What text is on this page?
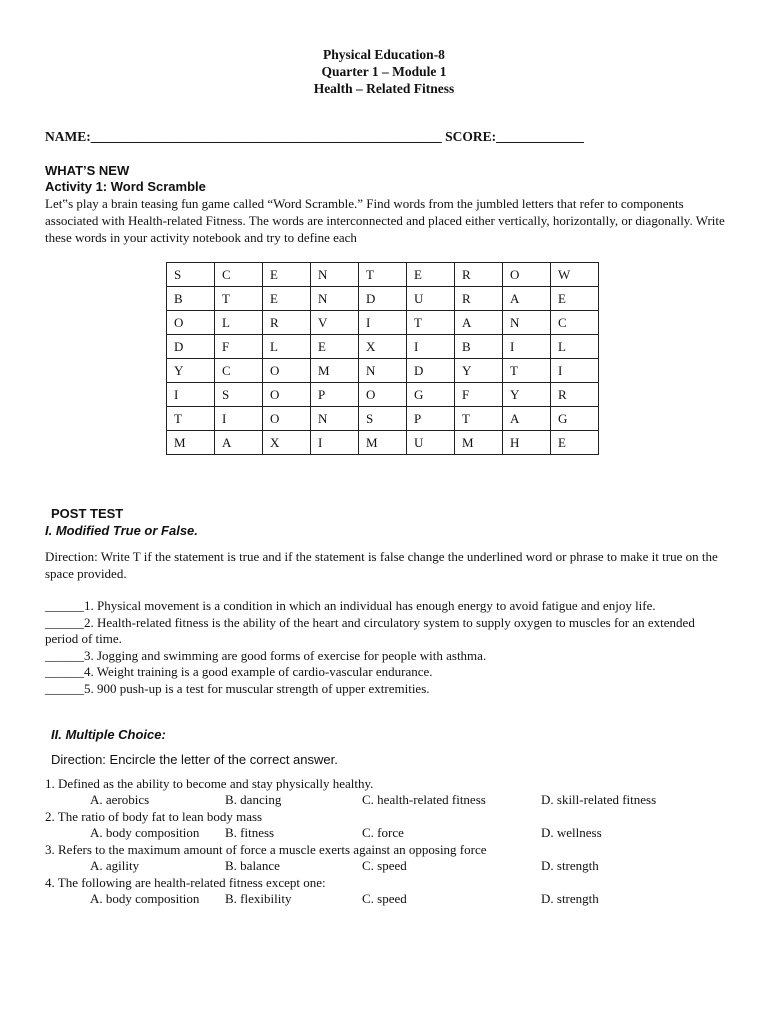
Physical Education-8
Quarter 1 – Module 1
Health – Related Fitness
NAME:____________________________________________________ SCORE:_____________
WHAT’S NEW
Activity 1: Word Scramble
Let‟s play a brain teasing fun game called “Word Scramble.” Find words from the jumbled letters that refer to components associated with Health-related Fitness. The words are interconnected and placed either vertically, horizontally, or diagonally. Write these words in your activity notebook and try to define each
S	C	E	N	T	E	R	O	W
B	T	E	N	D	U	R	A	E
O	L	R	V	I	T	A	N	C
D	F	L	E	X	I	B	I	L
Y	C	O	M	N	D	Y	T	I
I	S	O	P	O	G	F	Y	R
T	I	O	N	S	P	T	A	G
M	A	X	I	M	U	M	H	E
POST TEST
I. Modified True or False.
Direction: Write T if the statement is true and if the statement is false change the underlined word or phrase to make it true on the space provided.
______1. Physical movement is a condition in which an individual has enough energy to avoid fatigue and enjoy life.
______2. Health-related fitness is the ability of the heart and circulatory system to supply oxygen to muscles for an extended period of time.
______3. Jogging and swimming are good forms of exercise for people with asthma.
______4. Weight training is a good example of cardio-vascular endurance.
______5. 900 push-up is a test for muscular strength of upper extremities.
II. Multiple Choice:
Direction: Encircle the letter of the correct answer.
1. Defined as the ability to become and stay physically healthy.
A. aerobics	B. dancing	C. health-related fitness	D. skill-related fitness
2. The ratio of body fat to lean body mass
A. body composition B. fitness	C. force	D. wellness
3. Refers to the maximum amount of force a muscle exerts against an opposing force
A. agility	B. balance	C. speed	D. strength
4. The following are health-related fitness except one:
A. body composition B. flexibility	C. speed	D. strength
